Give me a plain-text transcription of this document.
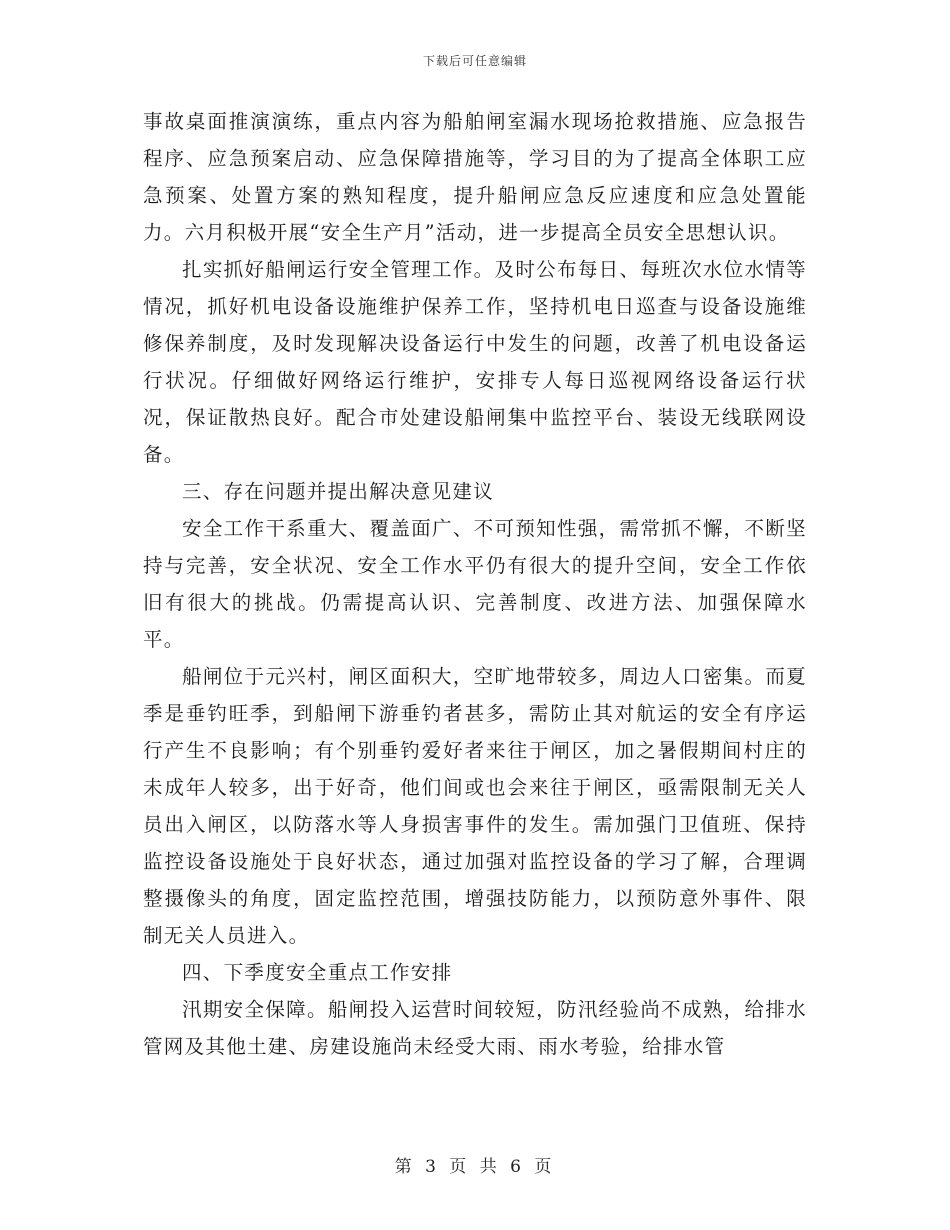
下载后可任意编辑

事故桌面推演演练，重点内容为船舶闸室漏水现场抢救措施、应急报告程序、应急预案启动、应急保障措施等，学习目的为了提高全体职工应急预案、处置方案的熟知程度，提升船闸应急反应速度和应急处置能力。六月积极开展“安全生产月”活动，进一步提高全员安全思想认识。

扎实抓好船闸运行安全管理工作。及时公布每日、每班次水位水情等情况，抓好机电设备设施维护保养工作，坚持机电日巡查与设备设施维修保养制度，及时发现解决设备运行中发生的问题，改善了机电设备运行状况。仔细做好网络运行维护，安排专人每日巡视网络设备运行状况，保证散热良好。配合市处建设船闸集中监控平台、装设无线联网设备。

三、存在问题并提出解决意见建议

安全工作干系重大、覆盖面广、不可预知性强，需常抓不懈，不断坚持与完善，安全状况、安全工作水平仍有很大的提升空间，安全工作依旧有很大的挑战。仍需提高认识、完善制度、改进方法、加强保障水平。

船闸位于元兴村，闸区面积大，空旷地带较多，周边人口密集。而夏季是垂钓旺季，到船闸下游垂钓者甚多，需防止其对航运的安全有序运行产生不良影响；有个别垂钓爱好者来往于闸区，加之暑假期间村庄的未成年人较多，出于好奇，他们间或也会来往于闸区，亟需限制无关人员出入闸区，以防落水等人身损害事件的发生。需加强门卫值班、保持监控设备设施处于良好状态，通过加强对监控设备的学习了解，合理调整摄像头的角度，固定监控范围，增强技防能力，以预防意外事件、限制无关人员进入。

四、下季度安全重点工作安排

汛期安全保障。船闸投入运营时间较短，防汛经验尚不成熟，给排水管网及其他土建、房建设施尚未经受大雨、雨水考验，给排水管

第 3 页 共 6 页
